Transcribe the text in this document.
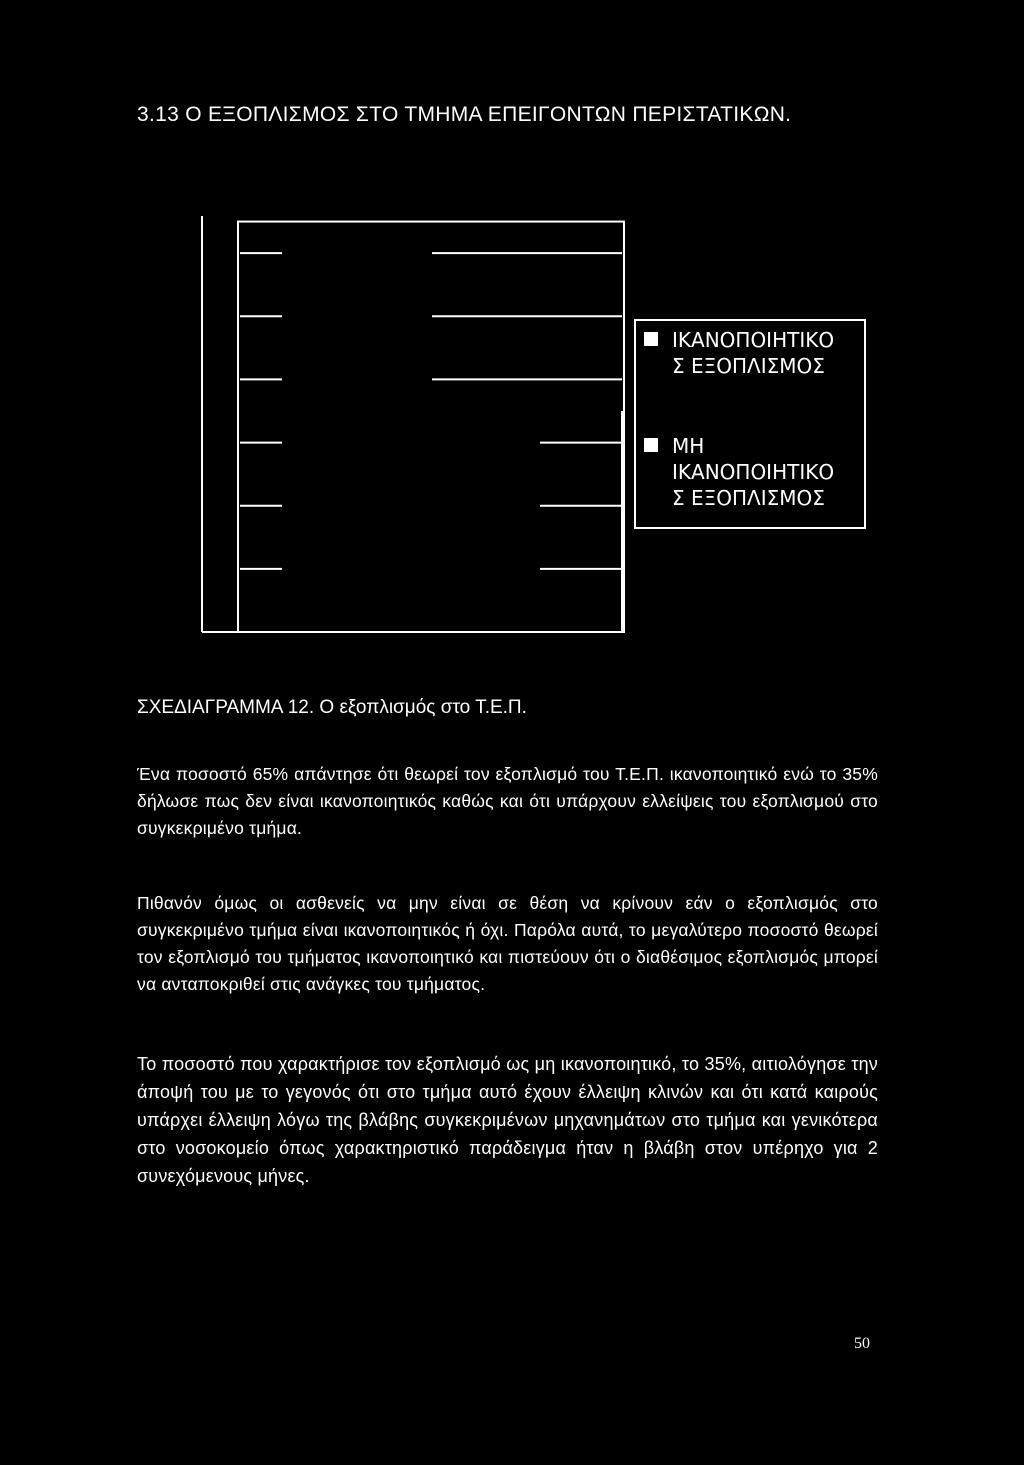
3.13 Ο ΕΞΟΠΛΙΣΜΟΣ ΣΤΟ ΤΜΗΜΑ ΕΠΕΙΓΟΝΤΩΝ ΠΕΡΙΣΤΑΤΙΚΩΝ.
ΙΚΑΝΟΠΟΙΗΤΙΚΟ
Σ ΕΞΟΠΛΙΣΜΟΣ
ΜΗ
ΙΚΑΝΟΠΟΙΗΤΙΚΟ
Σ ΕΞΟΠΛΙΣΜΟΣ
ΣΧΕΔΙΑΓΡΑΜΜΑ 12. Ο εξοπλισμός στο Τ.Ε.Π.
Ένα ποσοστό 65% απάντησε ότι θεωρεί τον εξοπλισμό του Τ.Ε.Π. ικανοποιητικό ενώ το 35% δήλωσε πως δεν είναι ικανοποιητικός καθώς και ότι υπάρχουν ελλείψεις του εξοπλισμού στο συγκεκριμένο τμήμα.
Πιθανόν όμως οι ασθενείς να μην είναι σε θέση να κρίνουν εάν ο εξοπλισμός στο συγκεκριμένο τμήμα είναι ικανοποιητικός ή όχι. Παρόλα αυτά, το μεγαλύτερο ποσοστό θεωρεί τον εξοπλισμό του τμήματος ικανοποιητικό και πιστεύουν ότι ο διαθέσιμος εξοπλισμός μπορεί να ανταποκριθεί στις ανάγκες του τμήματος.
Το ποσοστό που χαρακτήρισε τον εξοπλισμό ως μη ικανοποιητικό, το 35%, αιτιολόγησε την άποψή του με το γεγονός ότι στο τμήμα αυτό έχουν έλλειψη κλινών και ότι κατά καιρούς υπάρχει έλλειψη λόγω της βλάβης συγκεκριμένων μηχανημάτων στο τμήμα και γενικότερα στο νοσοκομείο όπως χαρακτηριστικό παράδειγμα ήταν η βλάβη στον υπέρηχο για 2 συνεχόμενους μήνες.
50
